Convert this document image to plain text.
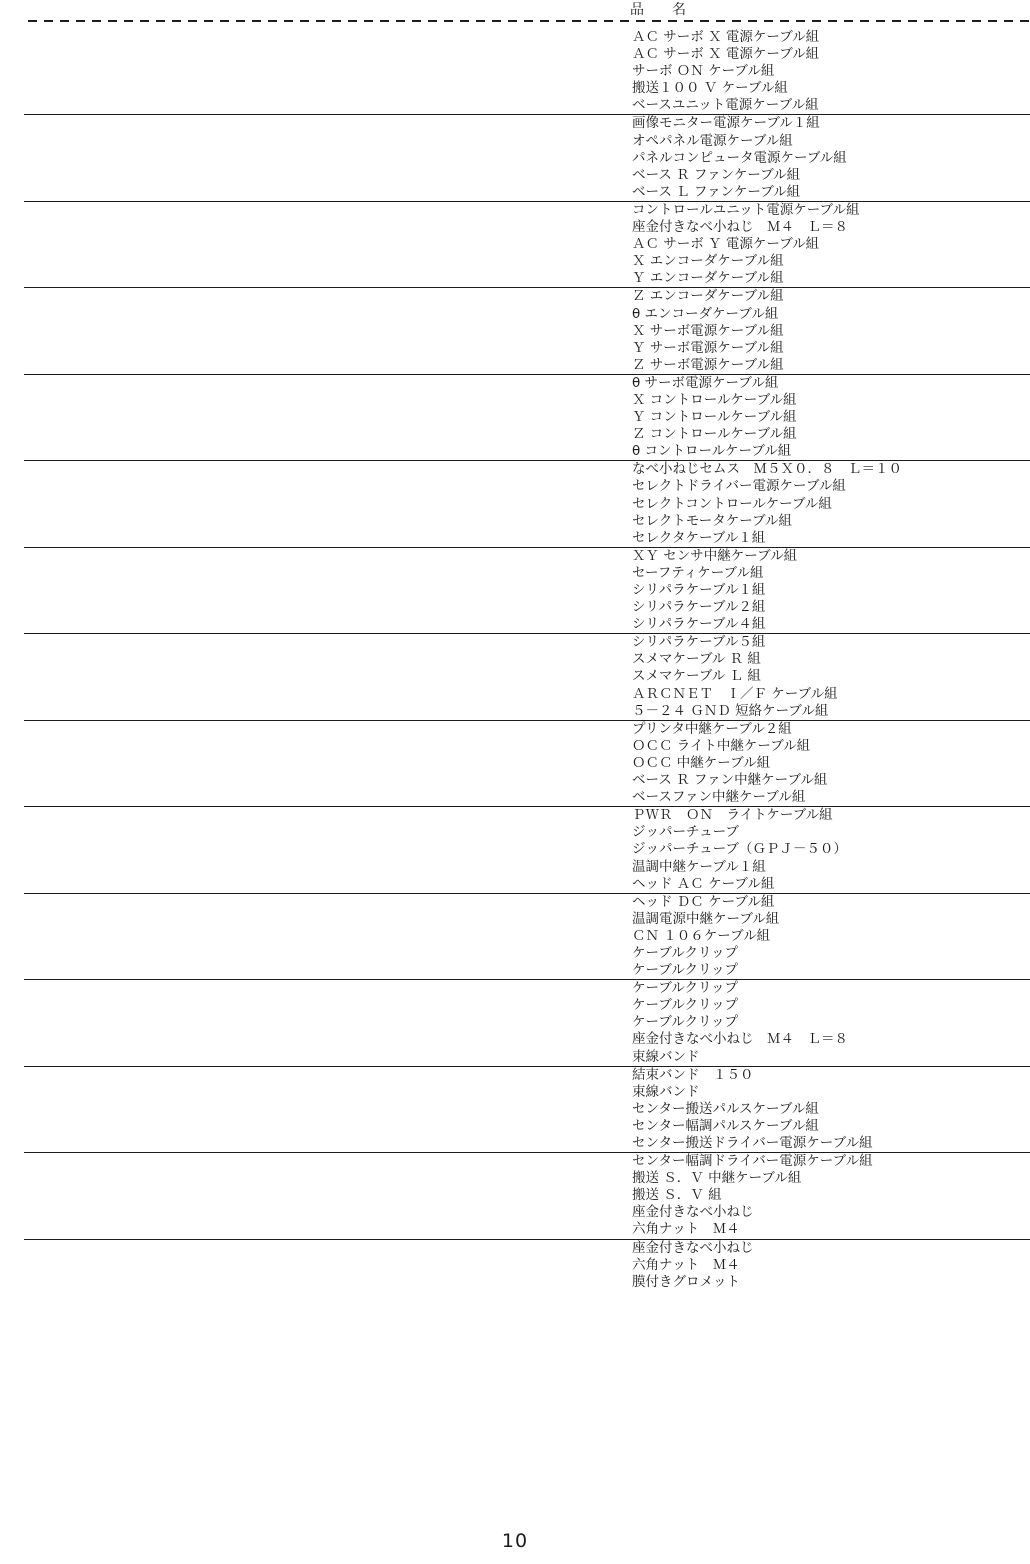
品　　名
ＡＣ サーボ Ｘ 電源ケーブル組
ＡＣ サーボ Ｘ 電源ケーブル組
サーボ ＯＮ ケーブル組
搬送１００ Ｖ ケーブル組
ベースユニット電源ケーブル組
画像モニター電源ケーブル１組
オペパネル電源ケーブル組
パネルコンピュータ電源ケーブル組
ベース Ｒ ファンケーブル組
ベース Ｌ ファンケーブル組
コントロールユニット電源ケーブル組
座金付きなべ小ねじ　Ｍ４　Ｌ＝８
ＡＣ サーボ Ｙ 電源ケーブル組
Ｘ エンコーダケーブル組
Ｙ エンコーダケーブル組
Ｚ エンコーダケーブル組
θ エンコーダケーブル組
Ｘ サーボ電源ケーブル組
Ｙ サーボ電源ケーブル組
Ｚ サーボ電源ケーブル組
θ サーボ電源ケーブル組
Ｘ コントロールケーブル組
Ｙ コントロールケーブル組
Ｚ コントロールケーブル組
θ コントロールケーブル組
なべ小ねじセムス　Ｍ５Ｘ０．８　Ｌ＝１０
セレクトドライバー電源ケーブル組
セレクトコントロールケーブル組
セレクトモータケーブル組
セレクタケーブル１組
ＸＹ センサ中継ケーブル組
セーフティケーブル組
シリパラケーブル１組
シリパラケーブル２組
シリパラケーブル４組
シリパラケーブル５組
スメマケーブル Ｒ 組
スメマケーブル Ｌ 組
ＡＲＣＮＥＴ　Ｉ／Ｆ ケーブル組
５－２４ ＧＮＤ 短絡ケーブル組
プリンタ中継ケーブル２組
ＯＣＣ ライト中継ケーブル組
ＯＣＣ 中継ケーブル組
ベース Ｒ ファン中継ケーブル組
ベースファン中継ケーブル組
ＰＷＲ　ＯＮ　ライトケーブル組
ジッパーチューブ
ジッパーチューブ（ＧＰＪ－５０）
温調中継ケーブル１組
ヘッド ＡＣ ケーブル組
ヘッド ＤＣ ケーブル組
温調電源中継ケーブル組
ＣＮ １０６ケーブル組
ケーブルクリップ
ケーブルクリップ
ケーブルクリップ
ケーブルクリップ
ケーブルクリップ
座金付きなべ小ねじ　Ｍ４　Ｌ＝８
束線バンド
結束バンド　１５０
束線バンド
センター搬送パルスケーブル組
センター幅調パルスケーブル組
センター搬送ドライバー電源ケーブル組
センター幅調ドライバー電源ケーブル組
搬送 Ｓ．Ｖ 中継ケーブル組
搬送 Ｓ．Ｖ 組
座金付きなべ小ねじ
六角ナット　Ｍ４
座金付きなべ小ねじ
六角ナット　Ｍ４
膜付きグロメット
10
